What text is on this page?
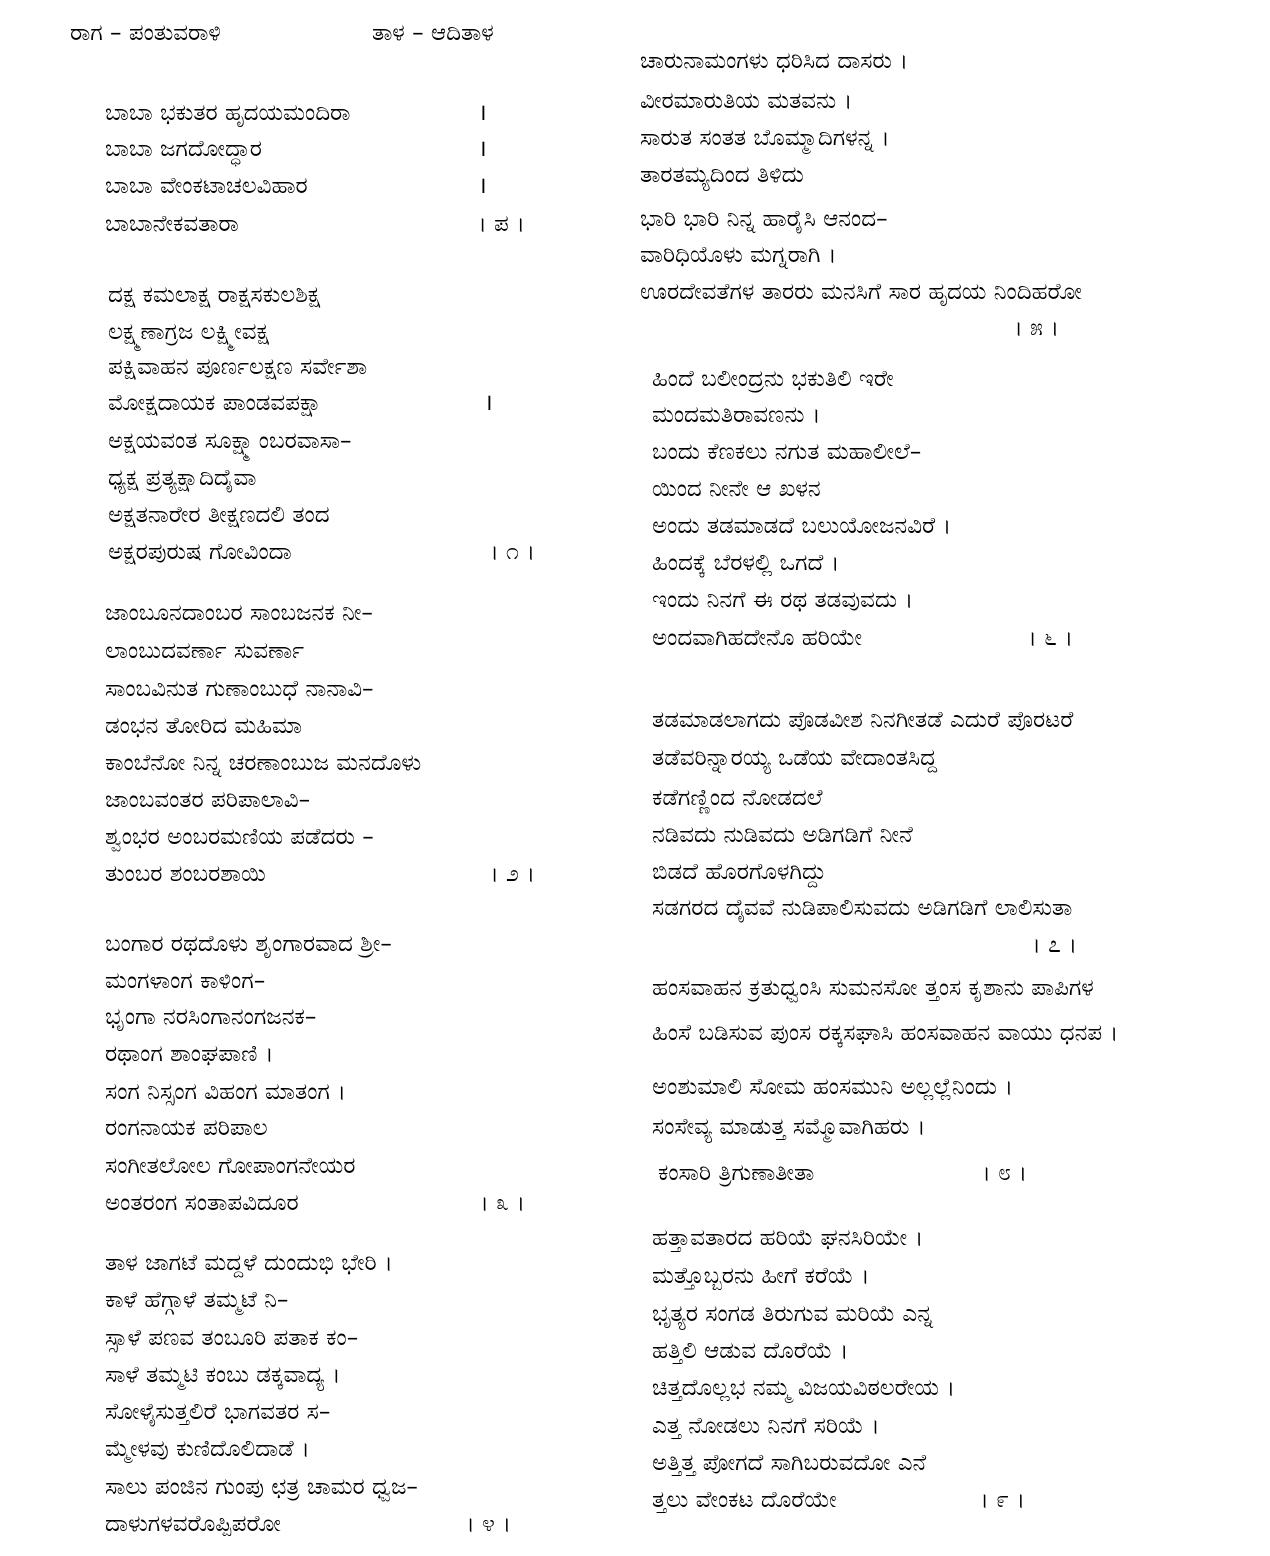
ರಾಗ – ಪಂತುವರಾಳಿ	ತಾಳ – ಆದಿತಾಳ
ಬಾಬಾ ಭಕುತರ ಹೃದಯಮಂದಿರಾ	।
ಬಾಬಾ ಜಗದೋದ್ಧಾರ	।
ಬಾಬಾ ವೇಂಕಟಾಚಲವಿಹಾರ	।
ಬಾಬಾನೇಕವತಾರಾ	। ಪ ।
ದಕ್ಷ ಕಮಲಾಕ್ಷ ರಾಕ್ಷಸಕುಲಶಿಕ್ಷ
ಲಕ್ಷ್ಮಣಾಗ್ರಜ ಲಕ್ಷ್ಮೀವಕ್ಷ
ಪಕ್ಷಿವಾಹನ ಪೂರ್ಣಲಕ್ಷಣ ಸರ್ವೇಶಾ
ಮೋಕ್ಷದಾಯಕ ಪಾಂಡವಪಕ್ಷಾ	।
ಅಕ್ಷಯವಂತ ಸೂಕ್ಷ್ಮಾಂಬರವಾಸಾ–
ಧ್ಯಕ್ಷ ಪ್ರತ್ಯಕ್ಷಾದಿದೈವಾ
ಅಕ್ಷತನಾರೇರ ತೀಕ್ಷಣದಲಿ ತಂದ
ಅಕ್ಷರಪುರುಷ ಗೋವಿಂದಾ	। ೧ ।
ಜಾಂಬೂನದಾಂಬರ ಸಾಂಬಜನಕ ನೀ–
ಲಾಂಬುದವರ್ಣಾ ಸುವರ್ಣಾ
ಸಾಂಬವಿನುತ ಗುಣಾಂಬುಧೆ ನಾನಾವಿ–
ಡಂಭನ ತೋರಿದ ಮಹಿಮಾ
ಕಾಂಬೆನೋ ನಿನ್ನ ಚರಣಾಂಬುಜ ಮನದೊಳು
ಜಾಂಬವಂತರ ಪರಿಪಾಲಾವಿ–
ಶ್ವಂಭರ ಅಂಬರಮಣಿಯ ಪಡೆದರು –
ತುಂಬರ ಶಂಬರಶಾಯಿ	। ೨ ।
ಬಂಗಾರ ರಥದೊಳು ಶೃಂಗಾರವಾದ ಶ್ರೀ–
ಮಂಗಳಾಂಗ ಕಾಳಿಂಗ–
ಭೃಂಗಾ ನರಸಿಂಗಾನಂಗಜನಕ–
ರಥಾಂಗ ಶಾಂಘಪಾಣಿ ।
ಸಂಗ ನಿಸ್ಸಂಗ ವಿಹಂಗ ಮಾತಂಗ ।
ರಂಗನಾಯಕ ಪರಿಪಾಲ
ಸಂಗೀತಲೋಲ ಗೋಪಾಂಗನೇಯರ
ಅಂತರಂಗ ಸಂತಾಪವಿದೂರ	। ೩ ।
ತಾಳ ಜಾಗಟೆ ಮದ್ದಳೆ ದುಂದುಭಿ ಭೇರಿ ।
ಕಾಳೆ ಹೆಗ್ಗಾಳೆ ತಮ್ಮಟೆ ನಿ–
ಸ್ಸಾಳೆ ಪಣವ ತಂಬೂರಿ ಪತಾಕ ಕಂ–
ಸಾಳೆ ತಮ್ಮಟಿ ಕಂಬು ಡಕ್ಕವಾದ್ಯ ।
ಸೋಳೈಸುತ್ತಲಿರೆ ಭಾಗವತರ ಸ–
ಮ್ಮೇಳವು ಕುಣಿದೊಲಿದಾಡೆ ।
ಸಾಲು ಪಂಜಿನ ಗುಂಪು ಛತ್ರ ಚಾಮರ ಧ್ವಜ–
ದಾಳುಗಳವರೊಪ್ಪಿಪರೋ	। ೪ ।
ಚಾರುನಾಮಂಗಳು ಧರಿಸಿದ ದಾಸರು ।
ವೀರಮಾರುತಿಯ ಮತವನು ।
ಸಾರುತ ಸಂತತ ಬೊಮ್ಮಾದಿಗಳನ್ನ ।
ತಾರತಮ್ಯದಿಂದ ತಿಳಿದು
ಭಾರಿ ಭಾರಿ ನಿನ್ನ ಹಾರೈಸಿ ಆನಂದ–
ವಾರಿಧಿಯೊಳು ಮಗ್ನರಾಗಿ ।
ಊರದೇವತೆಗಳ ತಾರರು ಮನಸಿಗೆ ಸಾರ ಹೃದಯ ನಿಂದಿಹರೋ
। ೫ ।
ಹಿಂದೆ ಬಲೀಂದ್ರನು ಭಕುತಿಲಿ ಇರೇ
ಮಂದಮತಿರಾವಣನು ।
ಬಂದು ಕೆಣಕಲು ನಗುತ ಮಹಾಲೀಲೆ–
ಯಿಂದ ನೀನೇ ಆ ಖಳನ
ಅಂದು ತಡಮಾಡದೆ ಬಲುಯೋಜನವಿರೆ ।
ಹಿಂದಕ್ಕೆ ಬೆರಳಲ್ಲಿ ಒಗದೆ ।
ಇಂದು ನಿನಗೆ ಈ ರಥ ತಡವುವದು ।
ಅಂದವಾಗಿಹದೇನೊ ಹರಿಯೇ	। ೬ ।
ತಡಮಾಡಲಾಗದು ಪೊಡವೀಶ ನಿನಗೀತಡೆ ಎದುರೆ ಪೊರಟರೆ
ತಡೆವರಿನ್ನಾರಯ್ಯ ಒಡೆಯ ವೇದಾಂತಸಿದ್ದ
ಕಡೆಗಣ್ಣಿಂದ ನೋಡದಲೆ
ನಡಿವದು ನುಡಿವದು ಅಡಿಗಡಿಗೆ ನೀನೆ
ಬಿಡದೆ ಹೊರಗೊಳಗಿದ್ದು
ಸಡಗರದ ದೈವವೆ ನುಡಿಪಾಲಿಸುವದು ಅಡಿಗಡಿಗೆ ಲಾಲಿಸುತಾ
। ೭ ।
ಹಂಸವಾಹನ ಕ್ರತುಧ್ವಂಸಿ ಸುಮನಸೋ ತ್ತಂಸ ಕೃಶಾನು ಪಾಪಿಗಳ
ಹಿಂಸೆ ಬಡಿಸುವ ಪುಂಸ ರಕ್ಕಸಘಾಸಿ ಹಂಸವಾಹನ ವಾಯು ಧನಪ ।
ಅಂಶುಮಾಲಿ ಸೋಮ ಹಂಸಮುನಿ ಅಲ್ಲಲ್ಲೆನಿಂದು ।
ಸಂಸೇವ್ಯ ಮಾಡುತ್ತ ಸಮ್ಮೊವಾಗಿಹರು ।
ಕಂಸಾರಿ ತ್ರಿಗುಣಾತೀತಾ	। ೮ ।
ಹತ್ತಾವತಾರದ ಹರಿಯೆ ಘನಸಿರಿಯೇ ।
ಮತ್ತೊಬ್ಬರನು ಹೀಗೆ ಕರೆಯೆ ।
ಭೃತ್ಯರ ಸಂಗಡ ತಿರುಗುವ ಮರಿಯೆ ಎನ್ನ
ಹತ್ತಿಲಿ ಆಡುವ ದೊರೆಯೆ ।
ಚಿತ್ತದೊಲ್ಲಭ ನಮ್ಮ ವಿಜಯವಿಠಲರೇಯ ।
ಎತ್ತ ನೋಡಲು ನಿನಗೆ ಸರಿಯೆ ।
ಅತ್ತಿತ್ತ ಪೋಗದೆ ಸಾಗಿಬರುವದೋ ಎನೆ
ತ್ತಲು ವೇಂಕಟ ದೊರೆಯೇ	। ೯ ।
